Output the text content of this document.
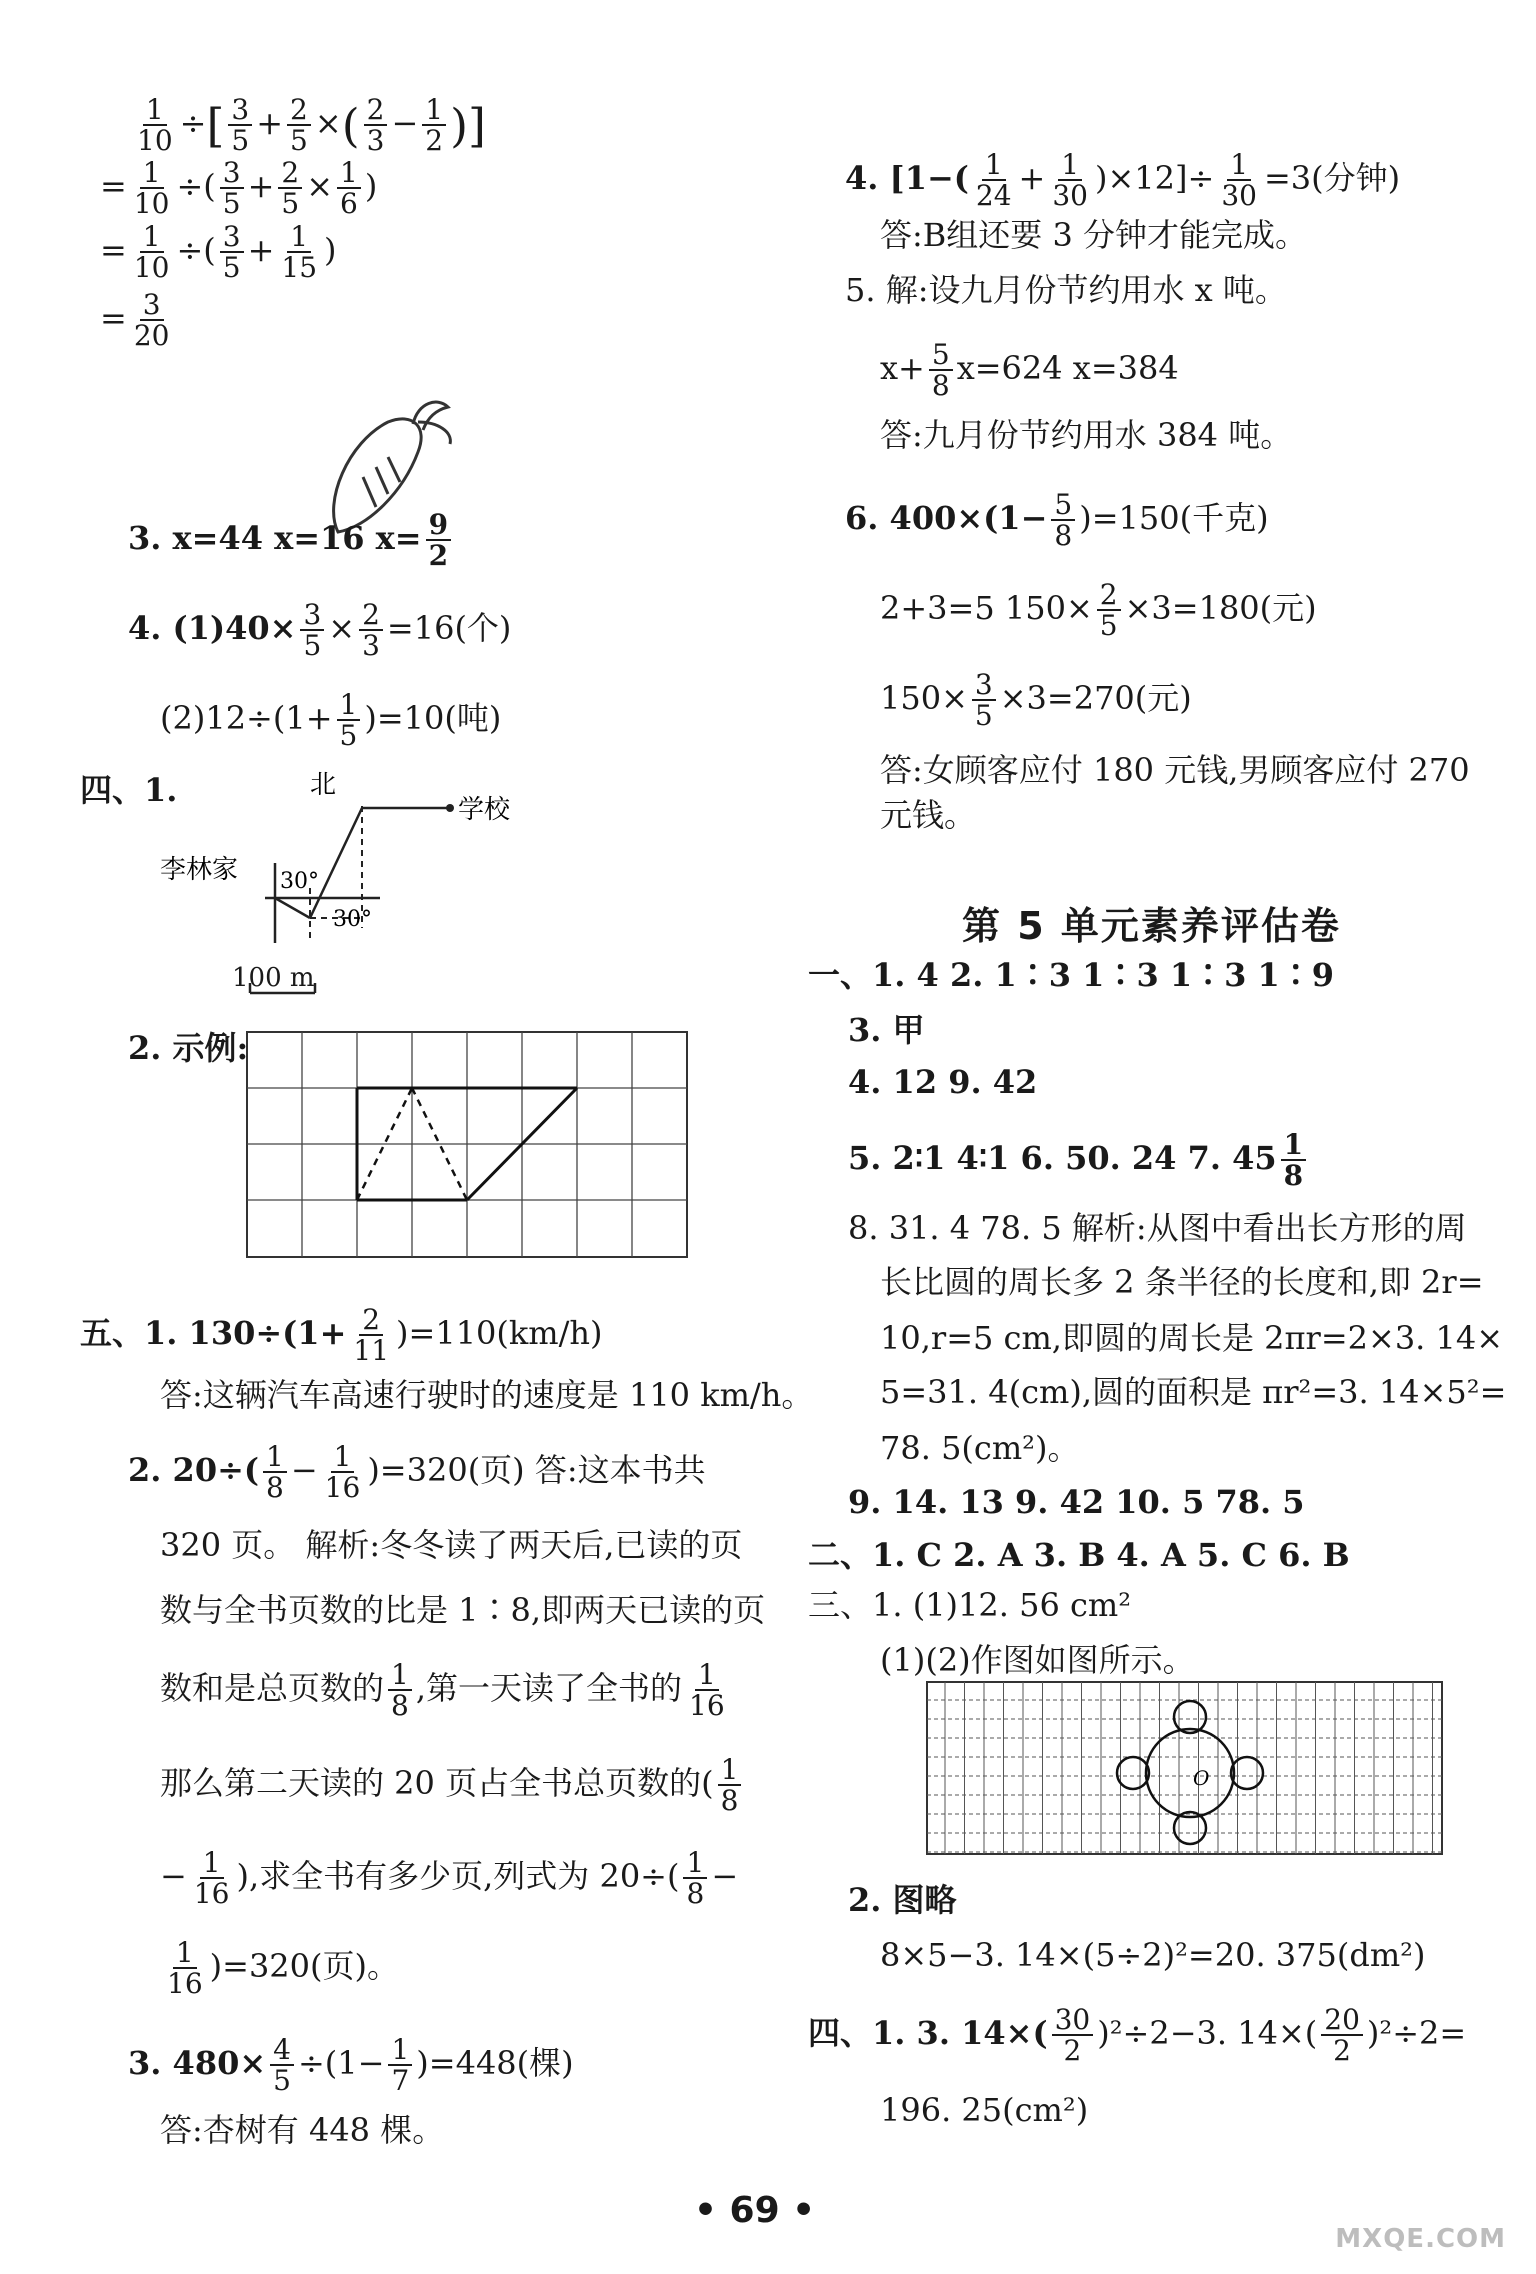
$\frac{1}{10}$ ÷[ $\frac{3}{5} + \frac{2}{5}$ ×( $\frac{2}{3} - \frac{1}{2}$ )]
= $\frac{1}{10}$ ÷( $\frac{3}{5} + \frac{2}{5} \times \frac{1}{6}$ )
= $\frac{1}{10}$ ÷( $\frac{3}{5} + \frac{1}{15}$ )
= $\frac{3}{20}$
3. x=44 x=16 $x= \frac{9}{2}$
4. $(1)40\times \frac{3}{5} \times \frac{2}{3} =16$(个)
$(2)12\div(1+ \frac{1}{5} )=10$(吨)
四、1.	北
学校
李林家 30°
30°
100 m
2. 示例:
五、1. $130\div(1+ \frac{2}{11} )=110(km/h)$
答:这辆汽车高速行驶时的速度是 110 km/h。
2. $20\div( \frac{1}{8} - \frac{1}{16} )=320$(页) 答:这本书共
320 页。 解析:冬冬读了两天后,已读的页
数与全书页数的比是 1∶8,即两天已读的页
数和是总页数的 $\frac{1}{8}$ ,第一天读了全书的 $\frac{1}{16}$
那么第二天读的 20 页占全书总页数的( $\frac{1}{8}$
− $\frac{1}{16}$ ),求全书有多少页,列式为 $20\div( \frac{1}{8}$ −
$\frac{1}{16} )=320$(页)。
3. $480\times \frac{4}{5} \div(1- \frac{1}{7} )=448$(棵)
答:杏树有 448 棵。
4. $[1-( \frac{1}{24} + \frac{1}{30} )\times 12]\div \frac{1}{30} =3$(分钟)
答:B组还要 3 分钟才能完成。
5. 解:设九月份节约用水 x 吨。
$x+ \frac{5}{8} x=624$ x=384
答:九月份节约用水 384 吨。
6. $400\times(1- \frac{5}{8} )=150$(千克)
2+3=5 $150\times \frac{2}{5} \times 3=180$(元)
$150\times \frac{3}{5} \times 3=270$(元)
答:女顾客应付 180 元钱,男顾客应付 270
元钱。
第 5 单元素养评估卷
一、1. 4 2. 1∶3 1∶3 1∶3 1∶9
3. 甲
4. 12 9. 42
5. 2∶1 4∶1 6. 50. 24 7. $45 \frac{1}{8}$
8. 31. 4 78. 5 解析:从图中看出长方形的周
长比圆的周长多 2 条半径的长度和,即 2r=
10,r=5 cm,即圆的周长是 2πr=2×3. 14×
5=31. 4(cm),圆的面积是 πr²=3. 14×5²=
78. 5(cm²)。
9. 14. 13 9. 42 10. 5 78. 5
二、1. C 2. A 3. B 4. A 5. C 6. B
三、1. (1)12. 56 cm²
(1)(2)作图如图所示。
O
2. 图略
8×5−3. 14×(5÷2)²=20. 375(dm²)
四、1. 3. $14\times( \frac{30}{2} )^2\div 2-3$. $14\times( \frac{20}{2} )^2\div 2=$
196. 25(cm²)
• 69 •
MXQE.COM
